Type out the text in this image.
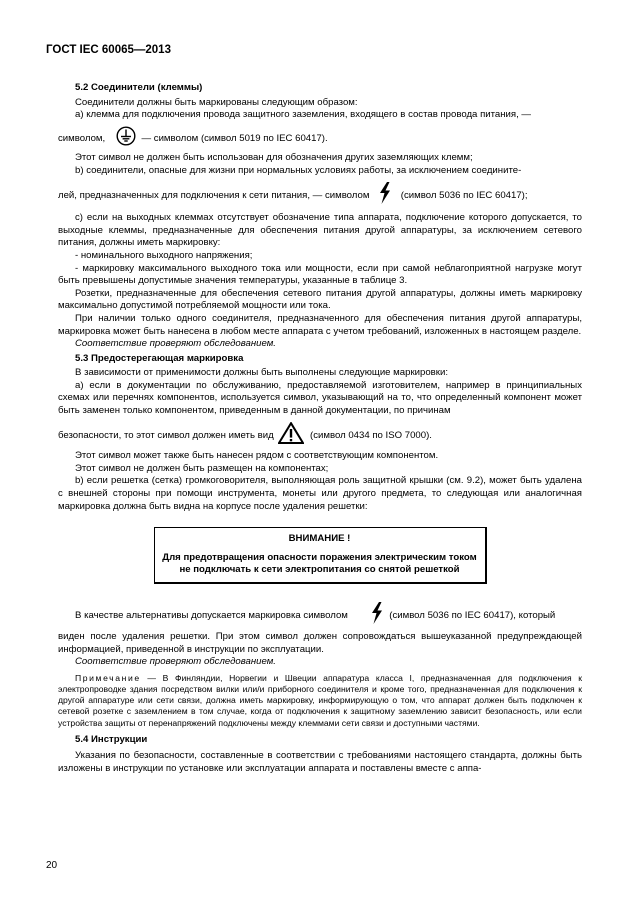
ГОСТ IEC 60065—2013

5.2 Соединители (клеммы)

Соединители должны быть маркированы следующим образом:

а) клемма для подключения провода защитного заземления, входящего в состав провода питания, —

символом,	— символом (символ 5019 по IEC 60417).

Этот символ не должен быть использован для обозначения других заземляющих клемм;

b) соединители, опасные для жизни при нормальных условиях работы, за исключением соедините-

лей, предназначенных для подключения к сети питания, — символом	(символ 5036 по IEC 60417);

с) если на выходных клеммах отсутствует обозначение типа аппарата, подключение которого допускается, то выходные клеммы, предназначенные для обеспечения питания другой аппаратуры, за исключением сетевого питания, должны иметь маркировку:

- номинального выходного напряжения;

- маркировку максимального выходного тока или мощности, если при самой неблагоприятной нагрузке могут быть превышены допустимые значения температуры, указанные в таблице 3.

Розетки, предназначенные для обеспечения сетевого питания другой аппаратуры, должны иметь маркировку максимально допустимой потребляемой мощности или тока.

При наличии только одного соединителя, предназначенного для обеспечения питания другой аппаратуры, маркировка может быть нанесена в любом месте аппарата с учетом требований, изложенных в настоящем разделе.

Соответствие проверяют обследованием.

5.3 Предостерегающая маркировка

В зависимости от применимости должны быть выполнены следующие маркировки:

а) если в документации по обслуживанию, предоставляемой изготовителем, например в принципиальных схемах или перечнях компонентов, используется символ, указывающий на то, что определенный компонент может быть заменен только компонентом, приведенным в данной документации, по причинам

безопасности, то этот символ должен иметь вид	(символ 0434 по ISO 7000).

Этот символ может также быть нанесен рядом с соответствующим компонентом.

Этот символ не должен быть размещен на компонентах;

b) если решетка (сетка) громкоговорителя, выполняющая роль защитной крышки (см. 9.2), может быть удалена с внешней стороны при помощи инструмента, монеты или другого предмета, то следующая или аналогичная маркировка должна быть видна на корпусе после удаления решетки:

ВНИМАНИЕ !
Для предотвращения опасности поражения электрическим током не подключать к сети электропитания со снятой решеткой

В качестве альтернативы допускается маркировка символом	(символ 5036 по IEC 60417), который

виден после удаления решетки. При этом символ должен сопровождаться вышеуказанной предупреждающей информацией, приведенной в инструкции по эксплуатации.

Соответствие проверяют обследованием.

Примечание — В Финляндии, Норвегии и Швеции аппаратура класса I, предназначенная для подключения к электропроводке здания посредством вилки или/и приборного соединителя и кроме того, предназначенная для подключения к другой аппаратуре или сети связи, должна иметь маркировку, информирующую о том, что аппарат должен быть подключен к сетевой розетке с заземлением в том случае, когда от подключения к защитному заземлению зависит безопасность, или если устройства защиты от перенапряжений подключены между клеммами сети связи и доступными частями.

5.4 Инструкции

Указания по безопасности, составленные в соответствии с требованиями настоящего стандарта, должны быть изложены в инструкции по установке или эксплуатации аппарата и поставлены вместе с аппа-

20
